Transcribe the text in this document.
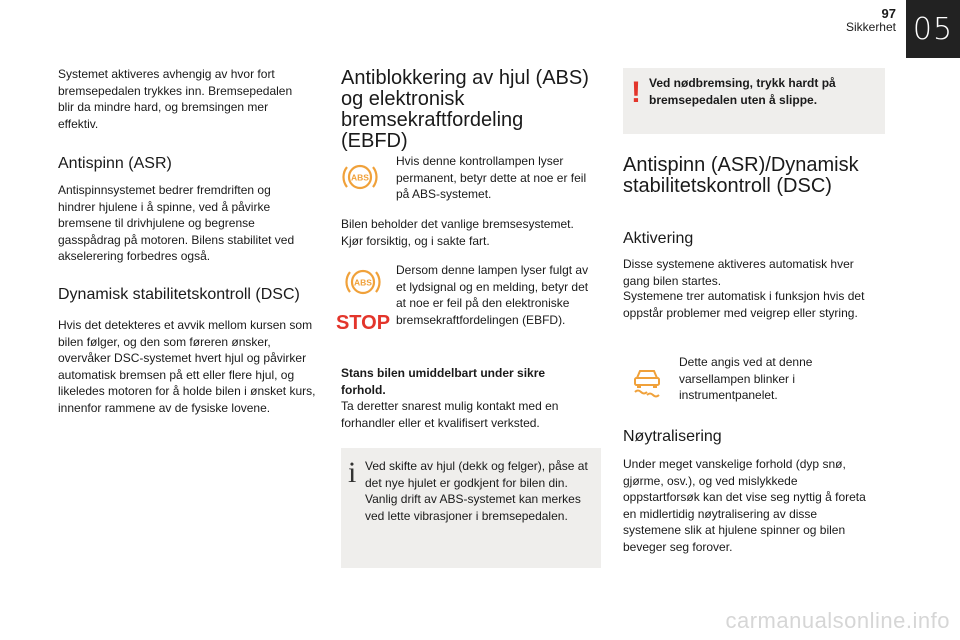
97
Sikkerhet 05

Systemet aktiveres avhengig av hvor fort bremsepedalen trykkes inn. Bremsepedalen blir da mindre hard, og bremsingen mer effektiv.

Antispinn (ASR)

Antispinnsystemet bedrer fremdriften og hindrer hjulene i å spinne, ved å påvirke bremsene til drivhjulene og begrense gasspådrag på motoren. Bilens stabilitet ved akselerering forbedres også.

Dynamisk stabilitetskontroll (DSC)

Hvis det detekteres et avvik mellom kursen som bilen følger, og den som føreren ønsker, overvåker DSC-systemet hvert hjul og påvirker automatisk bremsen på ett eller flere hjul, og likeledes motoren for å holde bilen i ønsket kurs, innenfor rammene av de fysiske lovene.

Antiblokkering av hjul (ABS) og elektronisk bremsekraftfordeling (EBFD)
ABS

Hvis denne kontrollampen lyser permanent, betyr dette at noe er feil på ABS-systemet.

Bilen beholder det vanlige bremsesystemet. Kjør forsiktig, og i sakte fart.

ABS
STOP

Dersom denne lampen lyser fulgt av et lydsignal og en melding, betyr det at noe er feil på den elektroniske bremsekraftfordelingen (EBFD).

Stans bilen umiddelbart under sikre forhold.

Ta deretter snarest mulig kontakt med en forhandler eller et kvalifisert verksted.

i Ved skifte av hjul (dekk og felger), påse at det nye hjulet er godkjent for bilen din. Vanlig drift av ABS-systemet kan merkes ved lette vibrasjoner i bremsepedalen.

! Ved nødbremsing, trykk hardt på bremsepedalen uten å slippe.

Antispinn (ASR)/Dynamisk stabilitetskontroll (DSC)
Aktivering

Disse systemene aktiveres automatisk hver gang bilen startes.

Systemene trer automatisk i funksjon hvis det oppstår problemer med veigrep eller styring.

Dette angis ved at denne varsellampen blinker i instrumentpanelet.

Nøytralisering

Under meget vanskelige forhold (dyp snø, gjørme, osv.), og ved mislykkede oppstartforsøk kan det vise seg nyttig å foreta en midlertidig nøytralisering av disse systemene slik at hjulene spinner og bilen beveger seg forover.

carmanualsonline.info
